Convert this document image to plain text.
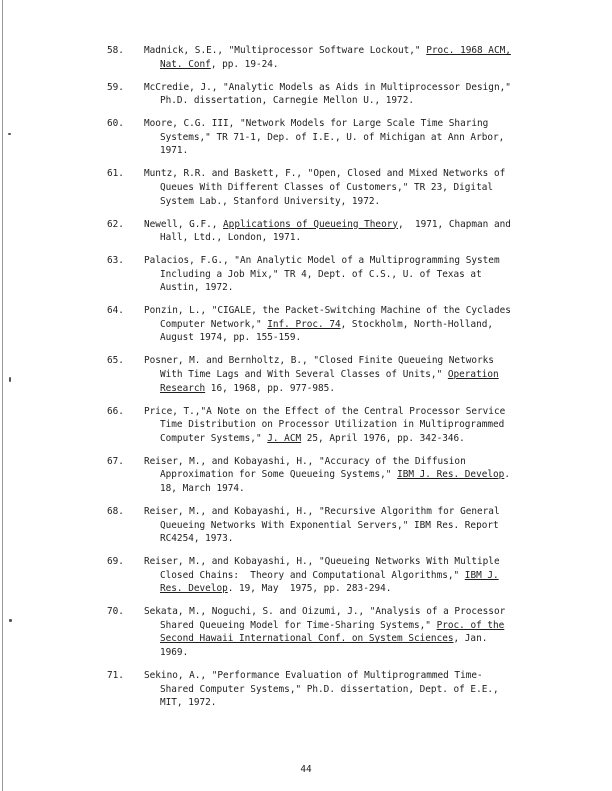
58. Madnick, S.E., "Multiprocessor Software Lockout," Proc. 1968 ACM,
Nat. Conf, pp. 19-24.
59. McCredie, J., "Analytic Models as Aids in Multiprocessor Design,"
Ph.D. dissertation, Carnegie Mellon U., 1972.
60. Moore, C.G. III, "Network Models for Large Scale Time Sharing
Systems," TR 71-1, Dep. of I.E., U. of Michigan at Ann Arbor,
1971.
61. Muntz, R.R. and Baskett, F., "Open, Closed and Mixed Networks of
Queues With Different Classes of Customers," TR 23, Digital
System Lab., Stanford University, 1972.
62. Newell, G.F., Applications of Queueing Theory,  1971, Chapman and
Hall, Ltd., London, 1971.
63. Palacios, F.G., "An Analytic Model of a Multiprogramming System
Including a Job Mix," TR 4, Dept. of C.S., U. of Texas at
Austin, 1972.
64. Ponzin, L., "CIGALE, the Packet-Switching Machine of the Cyclades
Computer Network," Inf. Proc. 74, Stockholm, North-Holland,
August 1974, pp. 155-159.
65. Posner, M. and Bernholtz, B., "Closed Finite Queueing Networks
With Time Lags and With Several Classes of Units," Operation
Research 16, 1968, pp. 977-985.
66. Price, T.,"A Note on the Effect of the Central Processor Service
Time Distribution on Processor Utilization in Multiprogrammed
Computer Systems," J. ACM 25, April 1976, pp. 342-346.
67. Reiser, M., and Kobayashi, H., "Accuracy of the Diffusion
Approximation for Some Queueing Systems," IBM J. Res. Develop.
18, March 1974.
68. Reiser, M., and Kobayashi, H., "Recursive Algorithm for General
Queueing Networks With Exponential Servers," IBM Res. Report
RC4254, 1973.
69. Reiser, M., and Kobayashi, H., "Queueing Networks With Multiple
Closed Chains:  Theory and Computational Algorithms," IBM J.
Res. Develop. 19, May  1975, pp. 283-294.
70. Sekata, M., Noguchi, S. and Oizumi, J., "Analysis of a Processor
Shared Queueing Model for Time-Sharing Systems," Proc. of the
Second Hawaii International Conf. on System Sciences, Jan.
1969.
71. Sekino, A., "Performance Evaluation of Multiprogrammed Time-
Shared Computer Systems," Ph.D. dissertation, Dept. of E.E.,
MIT, 1972.
44
